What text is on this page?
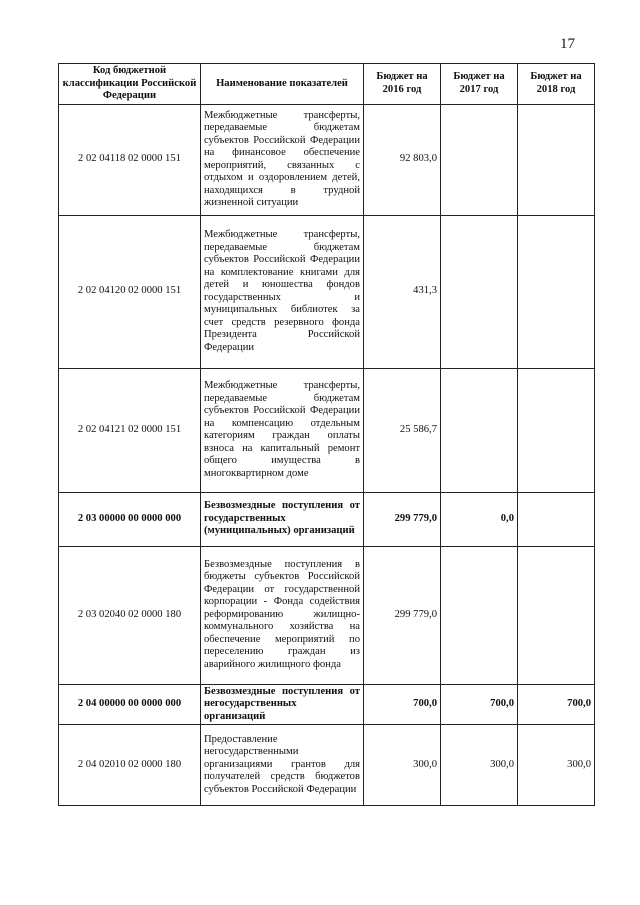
17
Код бюджетной классификации Российской Федерации	Наименование показателей	Бюджет на 2016 год	Бюджет на 2017 год	Бюджет на 2018 год
2 02 04118 02 0000 151	Межбюджетные трансферты, передаваемые бюджетам субъектов Российской Федерации на финансовое обеспечение мероприятий, связанных с отдыхом и оздоровлением детей, находящихся в трудной жизненной ситуации	92 803,0		
2 02 04120 02 0000 151	Межбюджетные трансферты, передаваемые бюджетам субъектов Российской Федерации на комплектование книгами для детей и юношества фондов государственных и муниципальных библиотек за счет средств резервного фонда Президента Российской Федерации	431,3		
2 02 04121 02 0000 151	Межбюджетные трансферты, передаваемые бюджетам субъектов Российской Федерации на компенсацию отдельным категориям граждан оплаты взноса на капитальный ремонт общего имущества в многоквартирном доме	25 586,7		
2 03 00000 00 0000 000	Безвозмездные поступления от государственных (муниципальных) организаций	299 779,0	0,0	
2 03 02040 02 0000 180	Безвозмездные поступления в бюджеты субъектов Российской Федерации от государственной корпорации - Фонда содействия реформированию жилищно-коммунального хозяйства на обеспечение мероприятий по переселению граждан из аварийного жилищного фонда	299 779,0		
2 04 00000 00 0000 000	Безвозмездные поступления от негосударственных организаций	700,0	700,0	700,0
2 04 02010 02 0000 180	Предоставление негосударственными организациями грантов для получателей средств бюджетов субъектов Российской Федерации	300,0	300,0	300,0
